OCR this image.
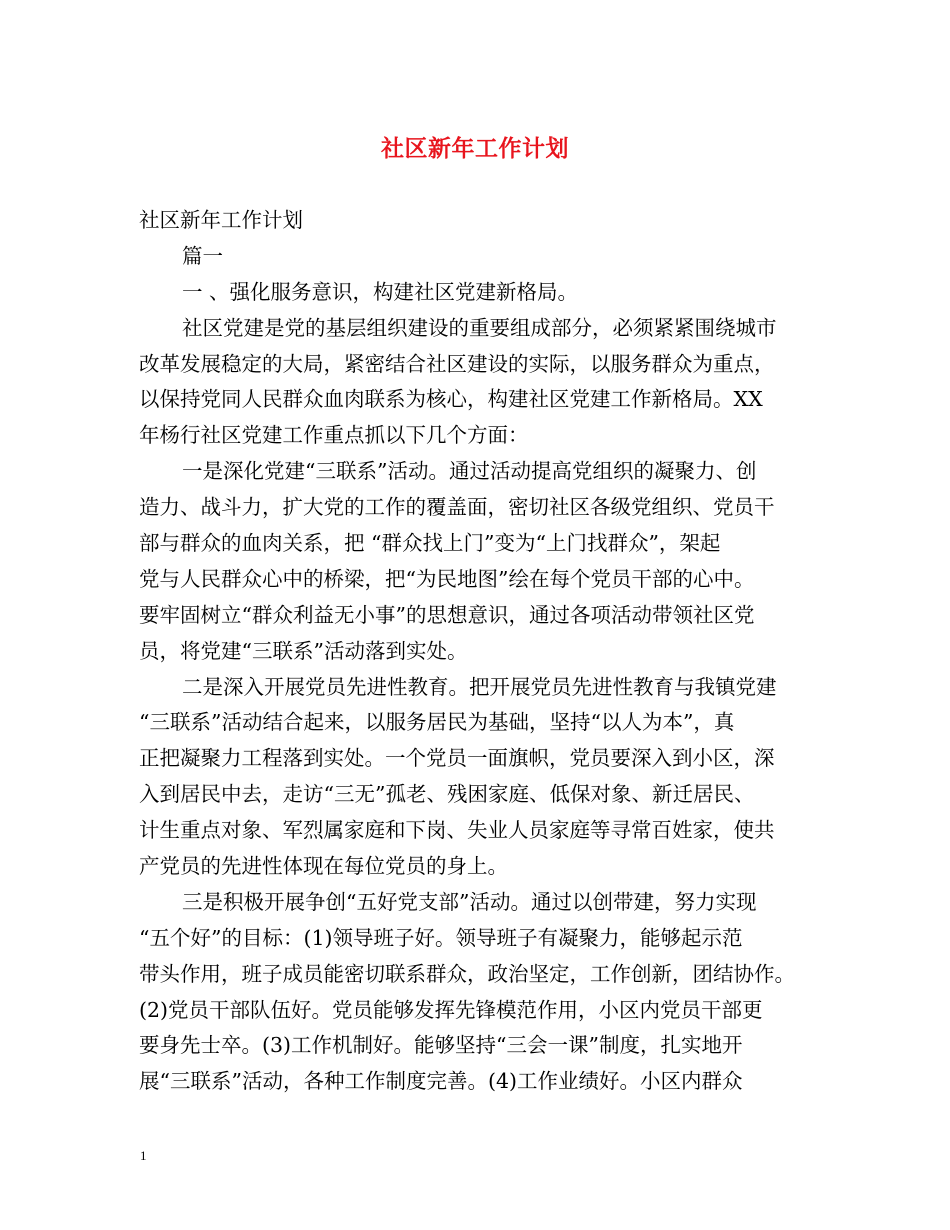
社区新年工作计划
社区新年工作计划
篇一
一 、强化服务意识，构建社区党建新格局。
社区党建是党的基层组织建设的重要组成部分，必须紧紧围绕城市
改革发展稳定的大局，紧密结合社区建设的实际，以服务群众为重点，
以保持党同人民群众血肉联系为核心，构建社区党建工作新格局。XX
年杨行社区党建工作重点抓以下几个方面：
一是深化党建“三联系”活动。通过活动提高党组织的凝聚力、创
造力、战斗力，扩大党的工作的覆盖面，密切社区各级党组织、党员干
部与群众的血肉关系，把 “群众找上门”变为“上门找群众”，架起
党与人民群众心中的桥梁，把“为民地图”绘在每个党员干部的心中。
要牢固树立“群众利益无小事”的思想意识，通过各项活动带领社区党
员，将党建“三联系”活动落到实处。
二是深入开展党员先进性教育。把开展党员先进性教育与我镇党建
“三联系”活动结合起来，以服务居民为基础，坚持“以人为本”，真
正把凝聚力工程落到实处。一个党员一面旗帜，党员要深入到小区，深
入到居民中去，走访“三无”孤老、残困家庭、低保对象、新迁居民、
计生重点对象、军烈属家庭和下岗、失业人员家庭等寻常百姓家，使共
产党员的先进性体现在每位党员的身上。
三是积极开展争创“五好党支部”活动。通过以创带建，努力实现
“五个好”的目标：(1)领导班子好。领导班子有凝聚力，能够起示范
带头作用，班子成员能密切联系群众，政治坚定，工作创新，团结协作。
(2)党员干部队伍好。党员能够发挥先锋模范作用，小区内党员干部更
要身先士卒。(3)工作机制好。能够坚持“三会一课”制度，扎实地开
展“三联系”活动，各种工作制度完善。(4)工作业绩好。小区内群众
1
